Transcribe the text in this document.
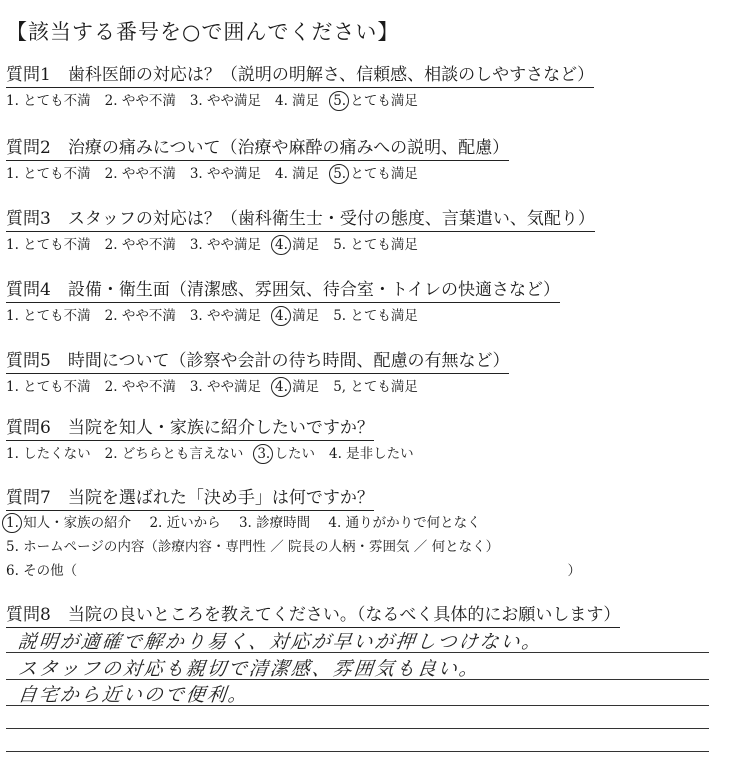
【該当する番号を○で囲んでください】
質問1　歯科医師の対応は？（説明の明解さ、信頼感、相談のしやすさなど）
1. とても不満 2. やや不満 3. やや満足 4. 満足 5. とても満足
質問2　治療の痛みについて（治療や麻酔の痛みへの説明、配慮）
1. とても不満 2. やや不満 3. やや満足 4. 満足 5. とても満足
質問3　スタッフの対応は？（歯科衛生士・受付の態度、言葉遣い、気配り）
1. とても不満 2. やや不満 3. やや満足 4. 満足 5. とても満足
質問4　設備・衛生面（清潔感、雰囲気、待合室・トイレの快適さなど）
1. とても不満 2. やや不満 3. やや満足 4. 満足 5. とても満足
質問5　時間について（診察や会計の待ち時間、配慮の有無など）
1. とても不満 2. やや不満 3. やや満足 4. 満足 5, とても満足
質問6　当院を知人・家族に紹介したいですか？
1. したくない 2. どちらとも言えない 3. したい 4. 是非したい
質問7　当院を選ばれた「決め手」は何ですか？
1. 知人・家族の紹介 2. 近いから 3. 診療時間 4. 通りがかりで何となく
5. ホームページの内容（診療内容・専門性 ／ 院長の人柄・雰囲気 ／ 何となく）
6. その他（	）
質問8　当院の良いところを教えてください。（なるべく具体的にお願いします）
説明が適確で解かり易く、対応が早いが押しつけない。
スタッフの対応も親切で清潔感、雰囲気も良い。
自宅から近いので便利。
